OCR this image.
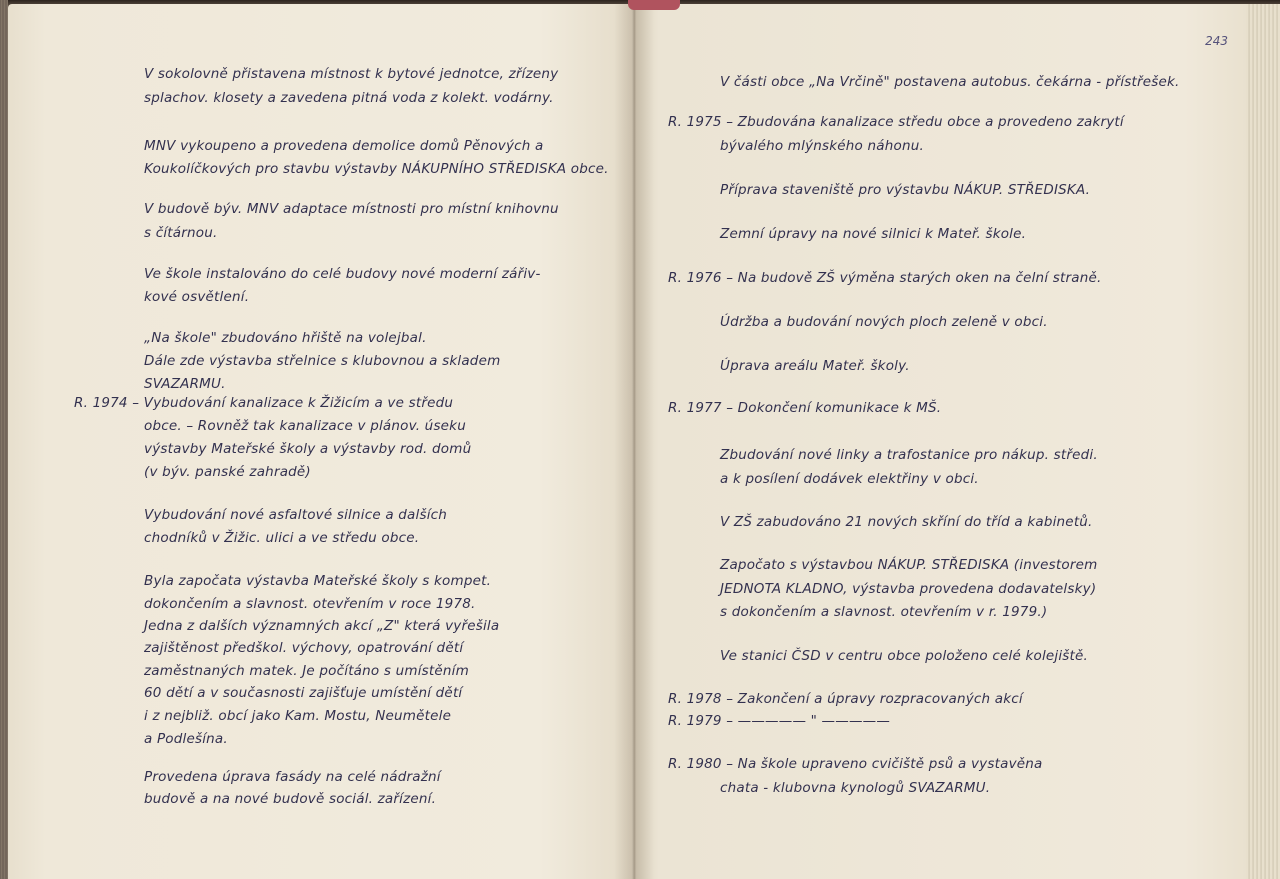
V sokolovně přistavena místnost k bytové jednotce, zřízeny
splachov. klosety a zavedena pitná voda z kolekt. vodárny.
MNV vykoupeno a provedena demolice domů Pěnových a
Koukolíčkových pro stavbu výstavby NÁKUPNÍHO STŘEDISKA obce.
V budově býv. MNV adaptace místnosti pro místní knihovnu
s čítárnou.
Ve škole instalováno do celé budovy nové moderní zářiv-
kové osvětlení.
„Na škole" zbudováno hřiště na volejbal.
Dále zde výstavba střelnice s klubovnou a skladem
SVAZARMU.
R. 1974 – Vybudování kanalizace k Žižicím a ve středu
obce. – Rovněž tak kanalizace v plánov. úseku
výstavby Mateřské školy a výstavby rod. domů
(v býv. panské zahradě)
Vybudování nové asfaltové silnice a dalších
chodníků v Žižic. ulici a ve středu obce.
Byla započata výstavba Mateřské školy s kompet.
dokončením a slavnost. otevřením v roce 1978.
Jedna z dalších významných akcí „Z" která vyřešila
zajištěnost předškol. výchovy, opatrování dětí
zaměstnaných matek. Je počítáno s umístěním
60 dětí a v současnosti zajišťuje umístění dětí
i z nejbliž. obcí jako Kam. Mostu, Neumětele
a Podlešína.
Provedena úprava fasády na celé nádražní
budově a na nové budově sociál. zařízení.
243
V části obce „Na Vrčině" postavena autobus. čekárna - přístřešek.
R. 1975 – Zbudována kanalizace středu obce a provedeno zakrytí
bývalého mlýnského náhonu.
Příprava staveniště pro výstavbu NÁKUP. STŘEDISKA.
Zemní úpravy na nové silnici k Mateř. škole.
R. 1976 – Na budově ZŠ výměna starých oken na čelní straně.
Údržba a budování nových ploch zeleně v obci.
Úprava areálu Mateř. školy.
R. 1977 – Dokončení komunikace k MŠ.
Zbudování nové linky a trafostanice pro nákup. středi.
a k posílení dodávek elektřiny v obci.
V ZŠ zabudováno 21 nových skříní do tříd a kabinetů.
Započato s výstavbou NÁKUP. STŘEDISKA (investorem
JEDNOTA KLADNO, výstavba provedena dodavatelsky)
s dokončením a slavnost. otevřením v r. 1979.)
Ve stanici ČSD v centru obce položeno celé kolejiště.
R. 1978 – Zakončení a úpravy rozpracovaných akcí
R. 1979 – ————— " —————
R. 1980 – Na škole upraveno cvičiště psů a vystavěna
chata - klubovna kynologů SVAZARMU.
